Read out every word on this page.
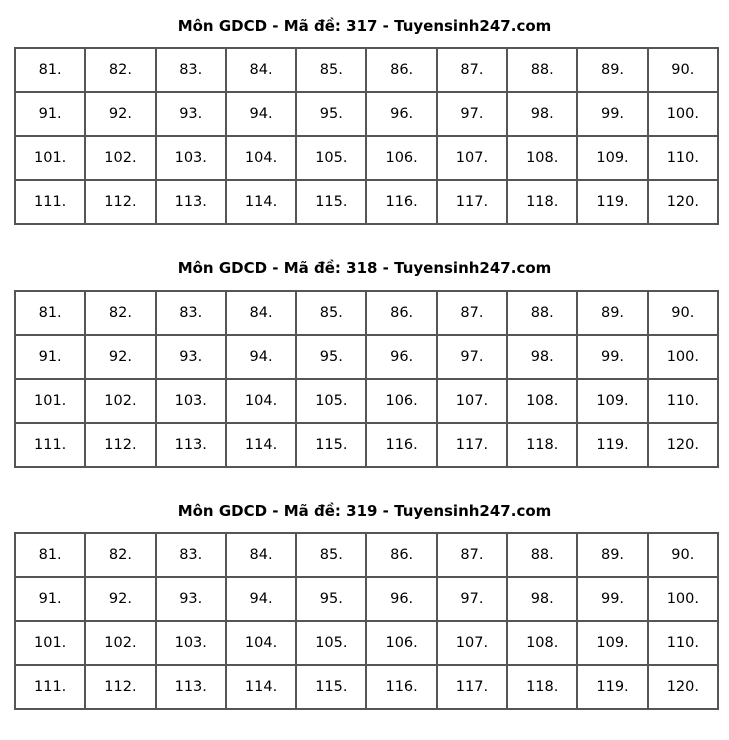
Môn GDCD - Mã đề: 317 - Tuyensinh247.com
81.	82.	83.	84.	85.	86.	87.	88.	89.	90.
91.	92.	93.	94.	95.	96.	97.	98.	99.	100.
101.	102.	103.	104.	105.	106.	107.	108.	109.	110.
111.	112.	113.	114.	115.	116.	117.	118.	119.	120.
Môn GDCD - Mã đề: 318 - Tuyensinh247.com
81.	82.	83.	84.	85.	86.	87.	88.	89.	90.
91.	92.	93.	94.	95.	96.	97.	98.	99.	100.
101.	102.	103.	104.	105.	106.	107.	108.	109.	110.
111.	112.	113.	114.	115.	116.	117.	118.	119.	120.
Môn GDCD - Mã đề: 319 - Tuyensinh247.com
81.	82.	83.	84.	85.	86.	87.	88.	89.	90.
91.	92.	93.	94.	95.	96.	97.	98.	99.	100.
101.	102.	103.	104.	105.	106.	107.	108.	109.	110.
111.	112.	113.	114.	115.	116.	117.	118.	119.	120.
